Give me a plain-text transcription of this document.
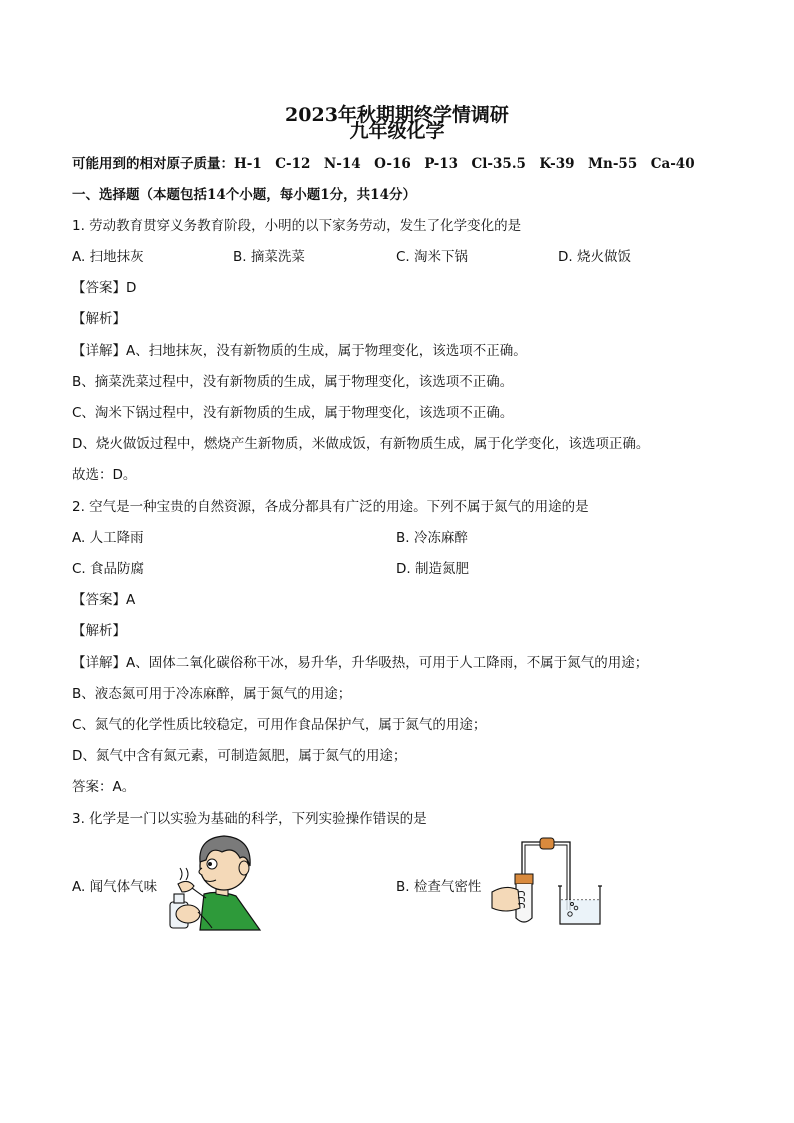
2023年秋期期终学情调研
九年级化学
可能用到的相对原子质量：H-1　C-12　N-14　O-16　P-13　Cl-35.5　K-39　Mn-55　Ca-40
一、选择题（本题包括14个小题，每小题1分，共14分）
1. 劳动教育贯穿义务教育阶段，小明的以下家务劳动，发生了化学变化的是
A. 扫地抹灰	B. 摘菜洗菜	C. 淘米下锅	D. 烧火做饭
【答案】D
【解析】
【详解】A、扫地抹灰，没有新物质的生成，属于物理变化，该选项不正确。
B、摘菜洗菜过程中，没有新物质的生成，属于物理变化，该选项不正确。
C、淘米下锅过程中，没有新物质的生成，属于物理变化，该选项不正确。
D、烧火做饭过程中，燃烧产生新物质，米做成饭，有新物质生成，属于化学变化，该选项正确。
故选：D。
2. 空气是一种宝贵的自然资源，各成分都具有广泛的用途。下列不属于氮气的用途的是
A. 人工降雨	B. 冷冻麻醉
C. 食品防腐	D. 制造氮肥
【答案】A
【解析】
【详解】A、固体二氧化碳俗称干冰，易升华，升华吸热，可用于人工降雨，不属于氮气的用途；
B、液态氮可用于冷冻麻醉，属于氮气的用途；
C、氮气的化学性质比较稳定，可用作食品保护气，属于氮气的用途；
D、氮气中含有氮元素，可制造氮肥，属于氮气的用途；
答案：A。
3. 化学是一门以实验为基础的科学，下列实验操作错误的是
A. 闻气体气味	B. 检查气密性
